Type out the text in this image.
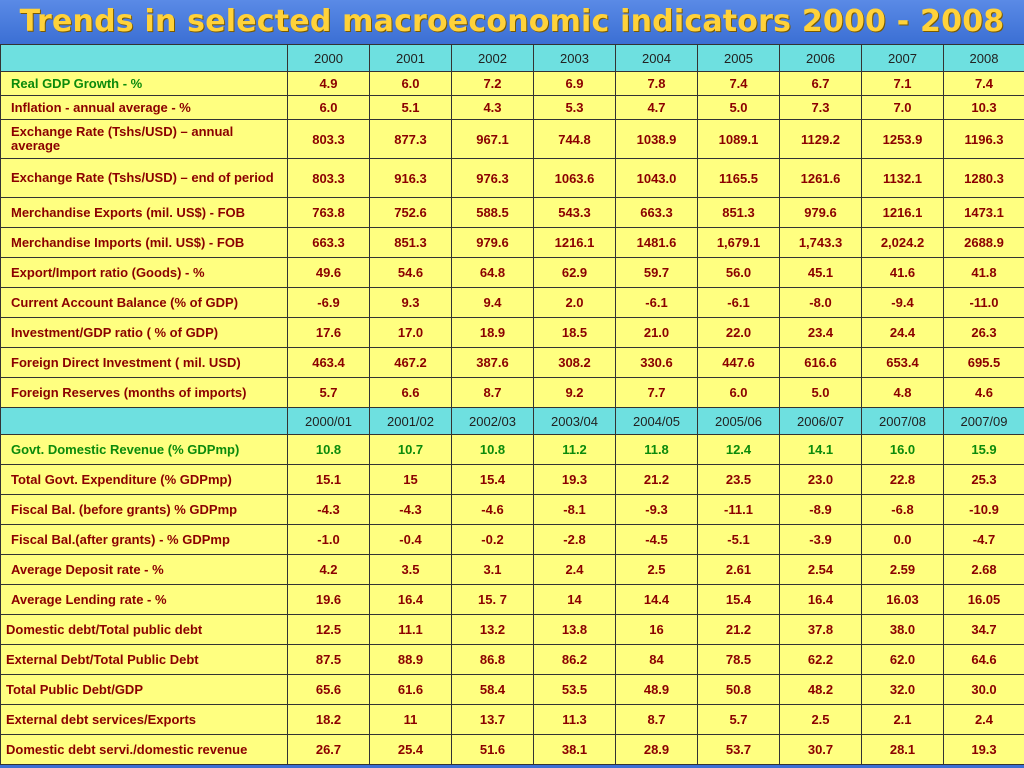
Trends in selected macroeconomic indicators 2000 - 2008
	2000	2001	2002	2003	2004	2005	2006	2007	2008
Real GDP Growth - %	4.9	6.0	7.2	6.9	7.8	7.4	6.7	7.1	7.4
Inflation - annual average - %	6.0	5.1	4.3	5.3	4.7	5.0	7.3	7.0	10.3
Exchange Rate (Tshs/USD) – annual average	803.3	877.3	967.1	744.8	1038.9	1089.1	1129.2	1253.9	1196.3
Exchange Rate (Tshs/USD) – end of period	803.3	916.3	976.3	1063.6	1043.0	1165.5	1261.6	1132.1	1280.3
Merchandise Exports (mil. US$) - FOB	763.8	752.6	588.5	543.3	663.3	851.3	979.6	1216.1	1473.1
Merchandise Imports (mil. US$) - FOB	663.3	851.3	979.6	1216.1	1481.6	1,679.1	1,743.3	2,024.2	2688.9
Export/Import ratio (Goods) - %	49.6	54.6	64.8	62.9	59.7	56.0	45.1	41.6	41.8
Current Account Balance (% of GDP)	-6.9	9.3	9.4	2.0	-6.1	-6.1	-8.0	-9.4	-11.0
Investment/GDP ratio ( % of GDP)	17.6	17.0	18.9	18.5	21.0	22.0	23.4	24.4	26.3
Foreign Direct Investment ( mil. USD)	463.4	467.2	387.6	308.2	330.6	447.6	616.6	653.4	695.5
Foreign Reserves (months of imports)	5.7	6.6	8.7	9.2	7.7	6.0	5.0	4.8	4.6
	2000/01	2001/02	2002/03	2003/04	2004/05	2005/06	2006/07	2007/08	2007/09
Govt. Domestic Revenue (% GDPmp)	10.8	10.7	10.8	11.2	11.8	12.4	14.1	16.0	15.9
Total Govt. Expenditure (% GDPmp)	15.1	15	15.4	19.3	21.2	23.5	23.0	22.8	25.3
Fiscal Bal. (before grants) % GDPmp	-4.3	-4.3	-4.6	-8.1	-9.3	-11.1	-8.9	-6.8	-10.9
Fiscal Bal.(after grants) - % GDPmp	-1.0	-0.4	-0.2	-2.8	-4.5	-5.1	-3.9	0.0	-4.7
Average Deposit rate - %	4.2	3.5	3.1	2.4	2.5	2.61	2.54	2.59	2.68
Average Lending rate - %	19.6	16.4	15. 7	14	14.4	15.4	16.4	16.03	16.05
Domestic debt/Total public debt	12.5	11.1	13.2	13.8	16	21.2	37.8	38.0	34.7
External Debt/Total Public Debt	87.5	88.9	86.8	86.2	84	78.5	62.2	62.0	64.6
Total Public Debt/GDP	65.6	61.6	58.4	53.5	48.9	50.8	48.2	32.0	30.0
External debt services/Exports	18.2	11	13.7	11.3	8.7	5.7	2.5	2.1	2.4
Domestic debt servi./domestic revenue	26.7	25.4	51.6	38.1	28.9	53.7	30.7	28.1	19.3
